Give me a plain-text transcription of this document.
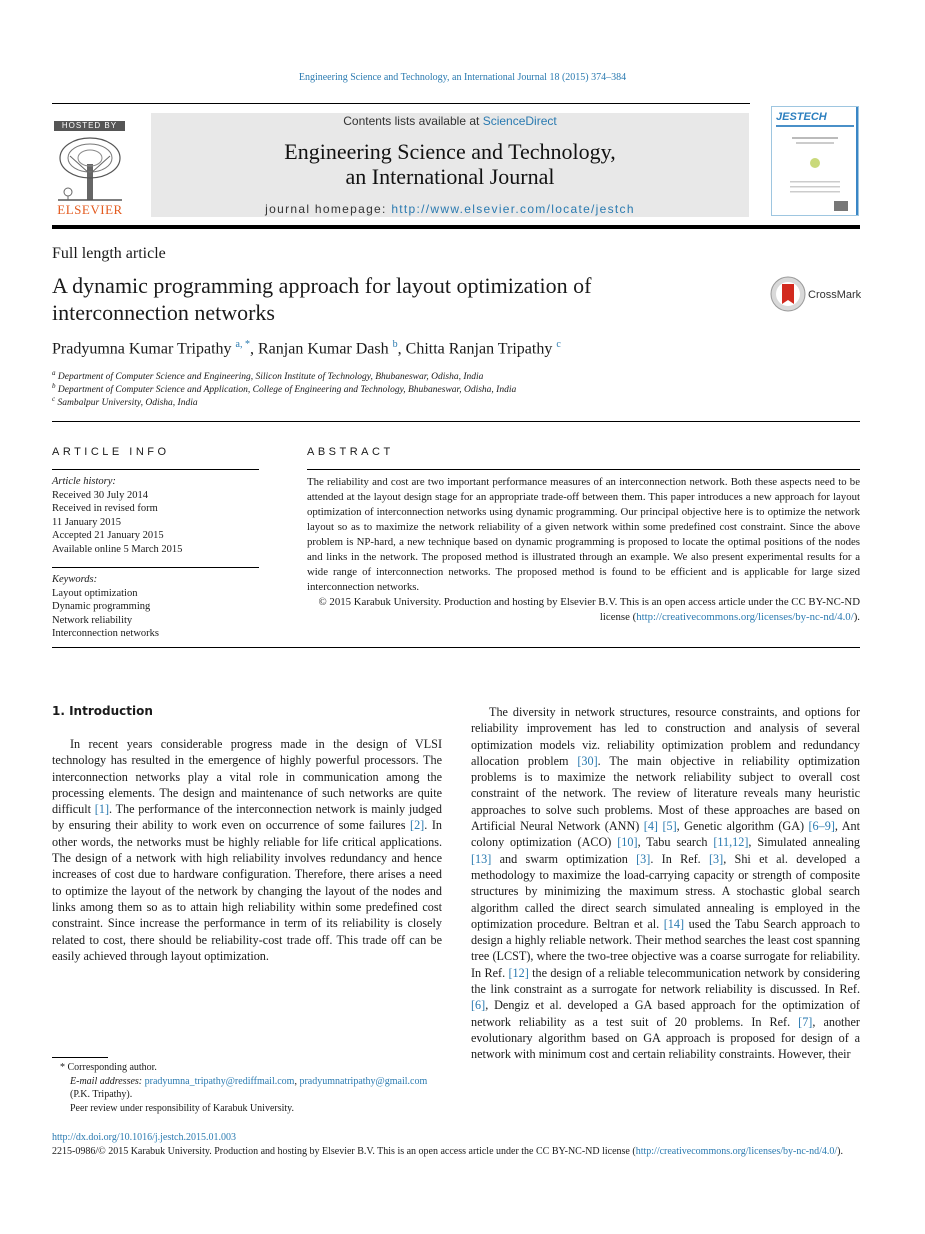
Engineering Science and Technology, an International Journal 18 (2015) 374–384
HOSTED BY
ELSEVIER
Contents lists available at ScienceDirect
Engineering Science and Technology,
an International Journal
journal homepage: http://www.elsevier.com/locate/jestch
JESTECH
Full length article
A dynamic programming approach for layout optimization of interconnection networks
CrossMark
Pradyumna Kumar Tripathy $^{a, *}$, Ranjan Kumar Dash $^b$, Chitta Ranjan Tripathy $^c$
$^a$ Department of Computer Science and Engineering, Silicon Institute of Technology, Bhubaneswar, Odisha, India
$^b$ Department of Computer Science and Application, College of Engineering and Technology, Bhubaneswar, Odisha, India
$^c$ Sambalpur University, Odisha, India
ARTICLE INFO
Article history:
Received 30 July 2014
Received in revised form
11 January 2015
Accepted 21 January 2015
Available online 5 March 2015
Keywords:
Layout optimization
Dynamic programming
Network reliability
Interconnection networks
ABSTRACT
The reliability and cost are two important performance measures of an interconnection network. Both these aspects need to be attended at the layout design stage for an appropriate trade-off between them. This paper introduces a new approach for layout optimization of interconnection networks using dynamic programming. Our principal objective here is to optimize the network layout so as to maximize the network reliability of a given network within some predefined cost constraint. Since the above problem is NP-hard, a new technique based on dynamic programming is proposed to locate the optimal positions of the nodes and links in the network. The proposed method is illustrated through an example. We also present experimental results for a wide range of interconnection networks. The proposed method is found to be efficient and is applicable for large sized interconnection networks.
© 2015 Karabuk University. Production and hosting by Elsevier B.V. This is an open access article under the CC BY-NC-ND license (http://creativecommons.org/licenses/by-nc-nd/4.0/).
1. Introduction

In recent years considerable progress made in the design of VLSI technology has resulted in the emergence of highly powerful processors. The interconnection networks play a vital role in communication among the processing elements. The design and maintenance of such networks are quite difficult [1]. The performance of the interconnection network is mainly judged by ensuring their ability to work even on occurrence of some failures [2]. In other words, the networks must be highly reliable for life critical applications. The design of a network with high reliability involves redundancy and hence increases of cost due to hardware configuration. Therefore, there arises a need to optimize the layout of the network by changing the layout of the nodes and links among them so as to attain high reliability within some predefined cost constraint. Since increase the performance in term of its reliability is closely related to cost, there should be reliability-cost trade off. This trade off can be easily achieved through layout optimization.

The diversity in network structures, resource constraints, and options for reliability improvement has led to construction and analysis of several optimization models viz. reliability optimization problem and redundancy allocation problem [30]. The main objective in reliability optimization problems is to maximize the network reliability subject to overall cost constraint of the network. The review of literature reveals many heuristic approaches to solve such problems. Most of these approaches are based on Artificial Neural Network (ANN) [4] [5], Genetic algorithm (GA) [6–9], Ant colony optimization (ACO) [10], Tabu search [11,12], Simulated annealing [13] and swarm optimization [3]. In Ref. [3], Shi et al. developed a methodology to maximize the load-carrying capacity or strength of composite structures by minimizing the maximum stress. A stochastic global search algorithm called the direct search simulated annealing is employed in the optimization procedure. Beltran et al. [14] used the Tabu Search approach to design a highly reliable network. Their method searches the least cost spanning tree (LCST), where the two-tree objective was a coarse surrogate for reliability. In Ref. [12] the design of a reliable telecommunication network by considering the link constraint as a surrogate for network reliability is discussed. In Ref. [6], Dengiz et al. developed a GA based approach for the optimization of network reliability as a test suit of 20 problems. In Ref. [7], another evolutionary algorithm based on GA approach is proposed for design of a network with minimum cost and certain reliability constraints. However, their

* Corresponding author.
E-mail addresses: pradyumna_tripathy@rediffmail.com, pradyumnatripathy@gmail.com (P.K. Tripathy).
Peer review under responsibility of Karabuk University.
http://dx.doi.org/10.1016/j.jestch.2015.01.003
2215-0986/© 2015 Karabuk University. Production and hosting by Elsevier B.V. This is an open access article under the CC BY-NC-ND license (http://creativecommons.org/licenses/by-nc-nd/4.0/).
